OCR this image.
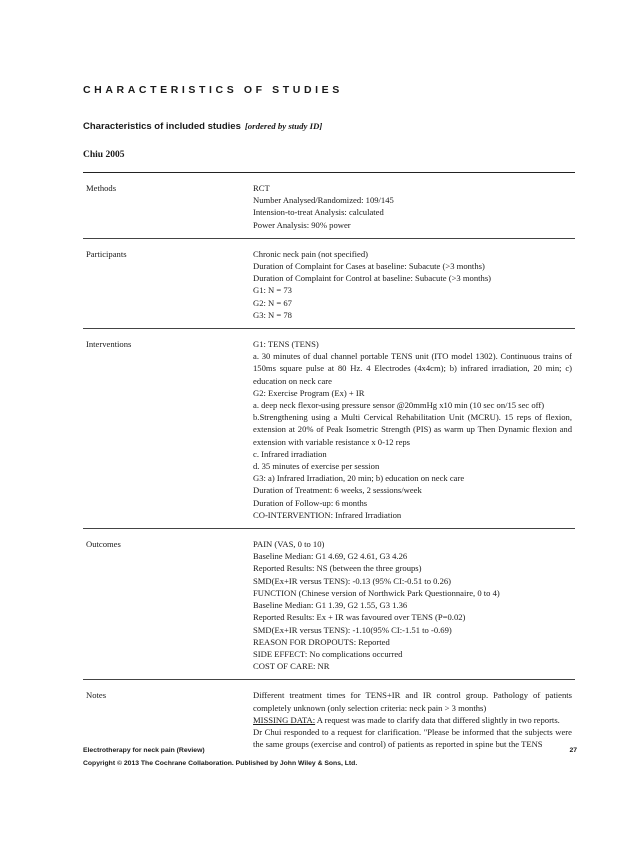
CHARACTERISTICS OF STUDIES

Characteristics of included studies [ordered by study ID]

Chiu 2005

Methods	RCT
Number Analysed/Randomized: 109/145
Intension-to-treat Analysis: calculated
Power Analysis: 90% power
Participants	Chronic neck pain (not specified)
Duration of Complaint for Cases at baseline: Subacute (>3 months)
Duration of Complaint for Control at baseline: Subacute (>3 months)
G1: N = 73
G2: N = 67
G3: N = 78
Interventions	G1: TENS (TENS)
a. 30 minutes of dual channel portable TENS unit (ITO model 1302). Continuous trains of 150ms square pulse at 80 Hz. 4 Electrodes (4x4cm); b) infrared irradiation, 20 min; c) education on neck care
G2: Exercise Program (Ex) + IR
a. deep neck flexor-using pressure sensor @20mmHg x10 min (10 sec on/15 sec off)
b.Strengthening using a Multi Cervical Rehabilitation Unit (MCRU). 15 reps of flexion, extension at 20% of Peak Isometric Strength (PIS) as warm up Then Dynamic flexion and extension with variable resistance x 0-12 reps
c. Infrared irradiation
d. 35 minutes of exercise per session
G3: a) Infrared Irradiation, 20 min; b) education on neck care
Duration of Treatment: 6 weeks, 2 sessions/week
Duration of Follow-up: 6 months
CO-INTERVENTION: Infrared Irradiation
Outcomes	PAIN (VAS, 0 to 10)
Baseline Median: G1 4.69, G2 4.61, G3 4.26
Reported Results: NS (between the three groups)
SMD(Ex+IR versus TENS): -0.13 (95% CI:-0.51 to 0.26)
FUNCTION (Chinese version of Northwick Park Questionnaire, 0 to 4)
Baseline Median: G1 1.39, G2 1.55, G3 1.36
Reported Results: Ex + IR was favoured over TENS (P=0.02)
SMD(Ex+IR versus TENS): -1.10(95% CI:-1.51 to -0.69)
REASON FOR DROPOUTS: Reported
SIDE EFFECT: No complications occurred
COST OF CARE: NR
Notes	Different treatment times for TENS+IR and IR control group. Pathology of patients completely unknown (only selection criteria: neck pain > 3 months)
MISSING DATA: A request was made to clarify data that differed slightly in two reports.
Dr Chui responded to a request for clarification. "Please be informed that the subjects were the same groups (exercise and control) of patients as reported in spine but the TENS

Electrotherapy for neck pain (Review)	27

Copyright © 2013 The Cochrane Collaboration. Published by John Wiley & Sons, Ltd.
